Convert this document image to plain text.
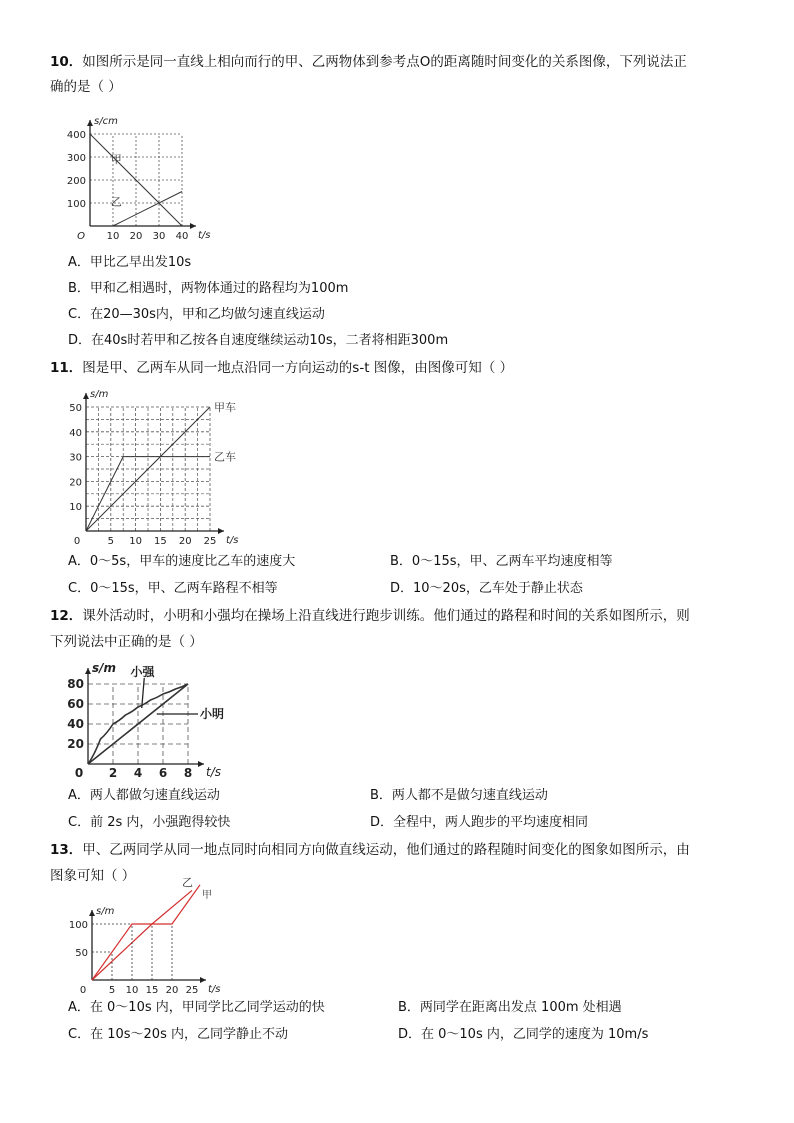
10．如图所示是同一直线上相向而行的甲、乙两物体到参考点O的距离随时间变化的关系图像，下列说法正
确的是（ ）
t/s
s/cm
O 10 20 30 40
100
200
300
400
甲
乙
A．甲比乙早出发10s
B．甲和乙相遇时，两物体通过的路程均为100m
C．在20—30s内，甲和乙均做匀速直线运动
D．在40s时若甲和乙按各自速度继续运动10s，二者将相距300m
11．图是甲、乙两车从同一地点沿同一方向运动的s-t 图像，由图像可知（ ）
t/s
s/m
0	5 10 15 20 25
10
20
30
40
50	甲车
乙车
A．0～5s，甲车的速度比乙车的速度大	B．0～15s，甲、乙两车平均速度相等
C．0～15s，甲、乙两车路程不相等	D．10～20s，乙车处于静止状态
12．课外活动时，小明和小强均在操场上沿直线进行跑步训练。他们通过的路程和时间的关系如图所示，则
下列说法中正确的是（ ）
t/s
s/m
0 2 4 6 8
20
40
60
80
小强
小明
A．两人都做匀速直线运动	B．两人都不是做匀速直线运动
C．前 2s 内，小强跑得较快	D．全程中，两人跑步的平均速度相同
13．甲、乙两同学从同一地点同时向相同方向做直线运动，他们通过的路程随时间变化的图象如图所示，由
图象可知（ ）
t/s
s/m
0 5 10 15 20 25
50
100
乙
甲
A．在 0～10s 内，甲同学比乙同学运动的快	B．两同学在距离出发点 100m 处相遇
C．在 10s～20s 内，乙同学静止不动	D．在 0～10s 内，乙同学的速度为 10m/s
